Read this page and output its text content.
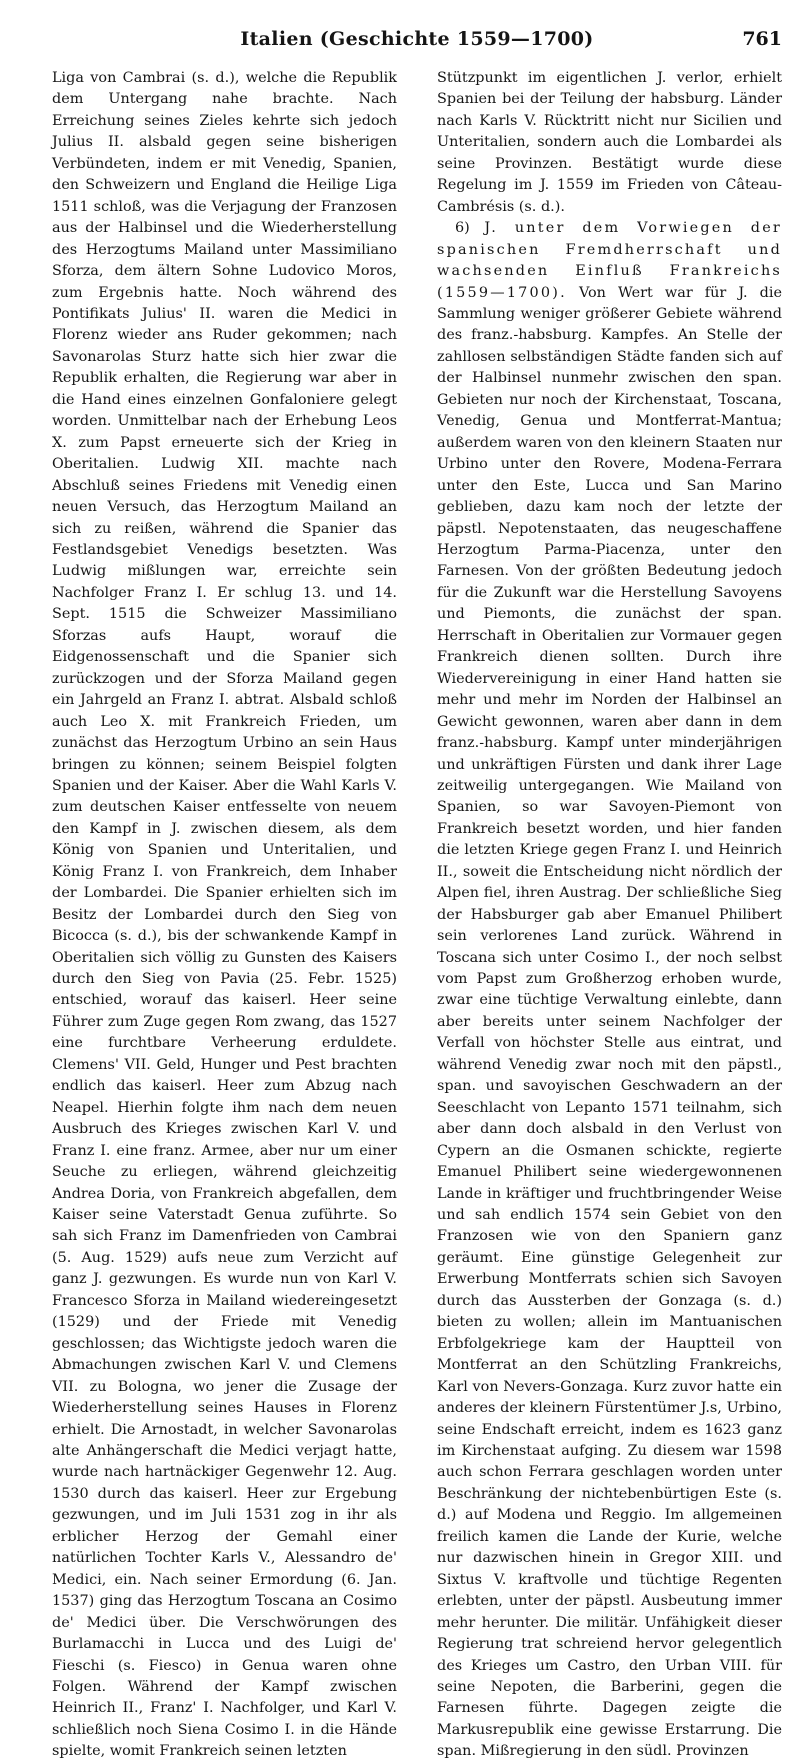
Italien (Geschichte 1559—1700)	761

Liga von Cambrai (s. d.), welche die Republik dem Untergang nahe brachte. Nach Erreichung seines Zieles kehrte sich jedoch Julius II. alsbald gegen seine bisherigen Verbündeten, indem er mit Venedig, Spanien, den Schweizern und England die Heilige Liga 1511 schloß, was die Verjagung der Franzosen aus der Halbinsel und die Wiederherstellung des Herzogtums Mailand unter Massimiliano Sforza, dem ältern Sohne Ludovico Moros, zum Ergebnis hatte. Noch während des Pontifikats Julius' II. waren die Medici in Florenz wieder ans Ruder gekommen; nach Savonarolas Sturz hatte sich hier zwar die Republik erhalten, die Regierung war aber in die Hand eines einzelnen Gonfaloniere gelegt worden. Unmittelbar nach der Erhebung Leos X. zum Papst erneuerte sich der Krieg in Oberitalien. Ludwig XII. machte nach Abschluß seines Friedens mit Venedig einen neuen Versuch, das Herzogtum Mailand an sich zu reißen, während die Spanier das Festlandsgebiet Venedigs besetzten. Was Ludwig mißlungen war, erreichte sein Nachfolger Franz I. Er schlug 13. und 14. Sept. 1515 die Schweizer Massimiliano Sforzas aufs Haupt, worauf die Eidgenossenschaft und die Spanier sich zurückzogen und der Sforza Mailand gegen ein Jahrgeld an Franz I. abtrat. Alsbald schloß auch Leo X. mit Frankreich Frieden, um zunächst das Herzogtum Urbino an sein Haus bringen zu können; seinem Beispiel folgten Spanien und der Kaiser. Aber die Wahl Karls V. zum deutschen Kaiser entfesselte von neuem den Kampf in J. zwischen diesem, als dem König von Spanien und Unteritalien, und König Franz I. von Frankreich, dem Inhaber der Lombardei. Die Spanier erhielten sich im Besitz der Lombardei durch den Sieg von Bicocca (s. d.), bis der schwankende Kampf in Oberitalien sich völlig zu Gunsten des Kaisers durch den Sieg von Pavia (25. Febr. 1525) entschied, worauf das kaiserl. Heer seine Führer zum Zuge gegen Rom zwang, das 1527 eine furchtbare Verheerung erduldete. Clemens' VII. Geld, Hunger und Pest brachten endlich das kaiserl. Heer zum Abzug nach Neapel. Hierhin folgte ihm nach dem neuen Ausbruch des Krieges zwischen Karl V. und Franz I. eine franz. Armee, aber nur um einer Seuche zu erliegen, während gleichzeitig Andrea Doria, von Frankreich abgefallen, dem Kaiser seine Vaterstadt Genua zuführte. So sah sich Franz im Damenfrieden von Cambrai (5. Aug. 1529) aufs neue zum Verzicht auf ganz J. gezwungen. Es wurde nun von Karl V. Francesco Sforza in Mailand wiedereingesetzt (1529) und der Friede mit Venedig geschlossen; das Wichtigste jedoch waren die Abmachungen zwischen Karl V. und Clemens VII. zu Bologna, wo jener die Zusage der Wiederherstellung seines Hauses in Florenz erhielt. Die Arnostadt, in welcher Savonarolas alte Anhängerschaft die Medici verjagt hatte, wurde nach hartnäckiger Gegenwehr 12. Aug. 1530 durch das kaiserl. Heer zur Ergebung gezwungen, und im Juli 1531 zog in ihr als erblicher Herzog der Gemahl einer natürlichen Tochter Karls V., Alessandro de' Medici, ein. Nach seiner Ermordung (6. Jan. 1537) ging das Herzogtum Toscana an Cosimo de' Medici über. Die Verschwörungen des Burlamacchi in Lucca und des Luigi de' Fieschi (s. Fiesco) in Genua waren ohne Folgen. Während der Kampf zwischen Heinrich II., Franz' I. Nachfolger, und Karl V. schließlich noch Siena Cosimo I. in die Hände spielte, womit Frankreich seinen letzten

Stützpunkt im eigentlichen J. verlor, erhielt Spanien bei der Teilung der habsburg. Länder nach Karls V. Rücktritt nicht nur Sicilien und Unteritalien, sondern auch die Lombardei als seine Provinzen. Bestätigt wurde diese Regelung im J. 1559 im Frieden von Câteau-Cambrésis (s. d.).

6) J. unter dem Vorwiegen der spanischen Fremdherrschaft und wachsenden Einfluß Frankreichs (1559—1700). Von Wert war für J. die Sammlung weniger größerer Gebiete während des franz.-habsburg. Kampfes. An Stelle der zahllosen selbständigen Städte fanden sich auf der Halbinsel nunmehr zwischen den span. Gebieten nur noch der Kirchenstaat, Toscana, Venedig, Genua und Montferrat-Mantua; außerdem waren von den kleinern Staaten nur Urbino unter den Rovere, Modena-Ferrara unter den Este, Lucca und San Marino geblieben, dazu kam noch der letzte der päpstl. Nepotenstaaten, das neugeschaffene Herzogtum Parma-Piacenza, unter den Farnesen. Von der größten Bedeutung jedoch für die Zukunft war die Herstellung Savoyens und Piemonts, die zunächst der span. Herrschaft in Oberitalien zur Vormauer gegen Frankreich dienen sollten. Durch ihre Wiedervereinigung in einer Hand hatten sie mehr und mehr im Norden der Halbinsel an Gewicht gewonnen, waren aber dann in dem franz.-habsburg. Kampf unter minderjährigen und unkräftigen Fürsten und dank ihrer Lage zeitweilig untergegangen. Wie Mailand von Spanien, so war Savoyen-Piemont von Frankreich besetzt worden, und hier fanden die letzten Kriege gegen Franz I. und Heinrich II., soweit die Entscheidung nicht nördlich der Alpen fiel, ihren Austrag. Der schließliche Sieg der Habsburger gab aber Emanuel Philibert sein verlorenes Land zurück. Während in Toscana sich unter Cosimo I., der noch selbst vom Papst zum Großherzog erhoben wurde, zwar eine tüchtige Verwaltung einlebte, dann aber bereits unter seinem Nachfolger der Verfall von höchster Stelle aus eintrat, und während Venedig zwar noch mit den päpstl., span. und savoyischen Geschwadern an der Seeschlacht von Lepanto 1571 teilnahm, sich aber dann doch alsbald in den Verlust von Cypern an die Osmanen schickte, regierte Emanuel Philibert seine wiedergewonnenen Lande in kräftiger und fruchtbringender Weise und sah endlich 1574 sein Gebiet von den Franzosen wie von den Spaniern ganz geräumt. Eine günstige Gelegenheit zur Erwerbung Montferrats schien sich Savoyen durch das Aussterben der Gonzaga (s. d.) bieten zu wollen; allein im Mantuanischen Erbfolgekriege kam der Hauptteil von Montferrat an den Schützling Frankreichs, Karl von Nevers-Gonzaga. Kurz zuvor hatte ein anderes der kleinern Fürstentümer J.s, Urbino, seine Endschaft erreicht, indem es 1623 ganz im Kirchenstaat aufging. Zu diesem war 1598 auch schon Ferrara geschlagen worden unter Beschränkung der nichtebenbürtigen Este (s. d.) auf Modena und Reggio. Im allgemeinen freilich kamen die Lande der Kurie, welche nur dazwischen hinein in Gregor XIII. und Sixtus V. kraftvolle und tüchtige Regenten erlebten, unter der päpstl. Ausbeutung immer mehr herunter. Die militär. Unfähigkeit dieser Regierung trat schreiend hervor gelegentlich des Krieges um Castro, den Urban VIII. für seine Nepoten, die Barberini, gegen die Farnesen führte. Dagegen zeigte die Markusrepublik eine gewisse Erstarrung. Die span. Mißregierung in den südl. Provinzen
